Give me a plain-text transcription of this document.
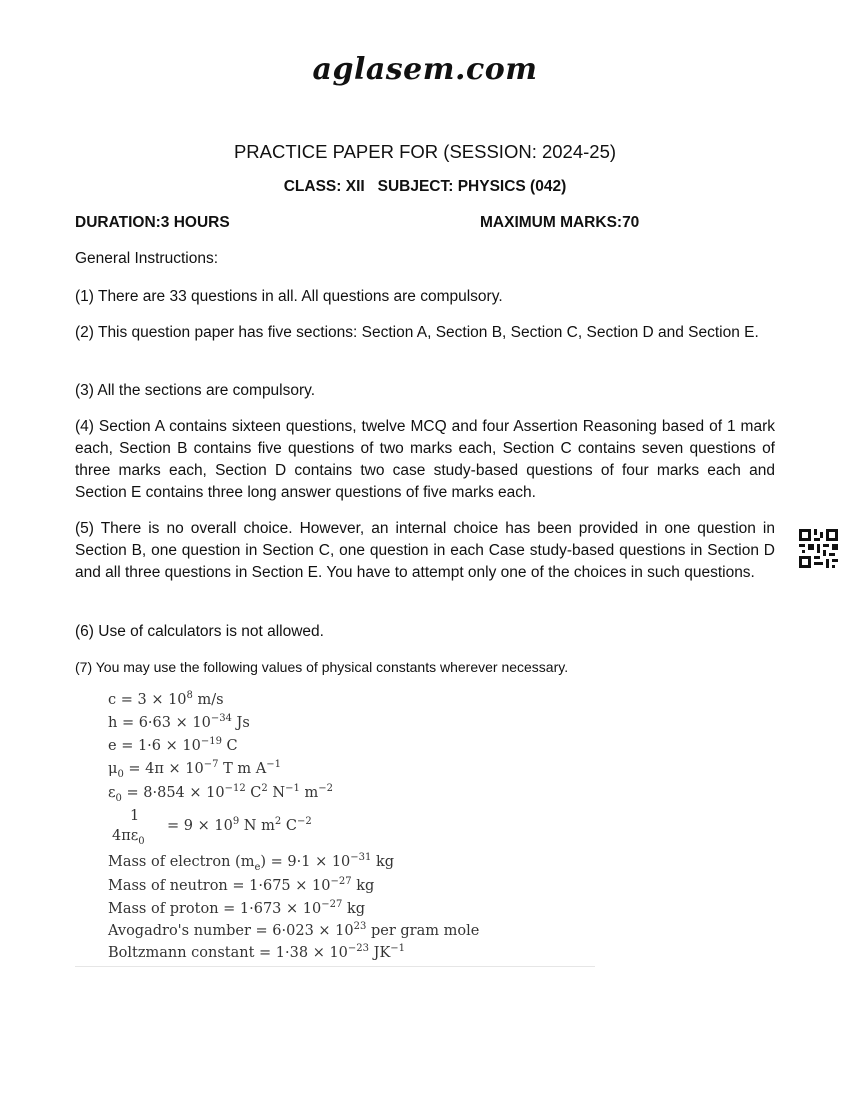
aglasem.com
PRACTICE PAPER FOR (SESSION: 2024-25)
CLASS: XII SUBJECT: PHYSICS (042)
DURATION:3 HOURS	MAXIMUM MARKS:70
General Instructions:
(1) There are 33 questions in all. All questions are compulsory.
(2) This question paper has five sections: Section A, Section B, Section C, Section D and Section E.
(3) All the sections are compulsory.
(4) Section A contains sixteen questions, twelve MCQ and four Assertion Reasoning based of 1 mark each, Section B contains five questions of two marks each, Section C contains seven questions of three marks each, Section D contains two case study-based questions of four marks each and Section E contains three long answer questions of five marks each.
(5) There is no overall choice. However, an internal choice has been provided in one question in Section B, one question in Section C, one question in each Case study-based questions in Section D and all three questions in Section E. You have to attempt only one of the choices in such questions.
(6) Use of calculators is not allowed.
(7) You may use the following values of physical constants wherever necessary.
$c = 3 \times 10^8$ m/s
$h = 6\cdot 63 \times 10^{-34}$ Js
$e = 1\cdot 6 \times 10^{-19}$ C
$\mu_0 = 4\pi \times 10^{-7}$ T m $A^{-1}$
$\varepsilon_0 = 8\cdot 854 \times 10^{-12}$ $C^2$ $N^{-1}$ $m^{-2}$
1
$4\pi\varepsilon_0$
= $9 \times 10^9$ N $m^2$ $C^{-2}$
Mass of electron $(m_e) = 9\cdot 1 \times 10^{-31}$ kg
Mass of neutron = $1\cdot 675 \times 10^{-27}$ kg
Mass of proton = $1\cdot 673 \times 10^{-27}$ kg
Avogadro's number = $6\cdot 023 \times 10^{23}$ per gram mole
Boltzmann constant = $1\cdot 38 \times 10^{-23}$ $JK^{-1}$
